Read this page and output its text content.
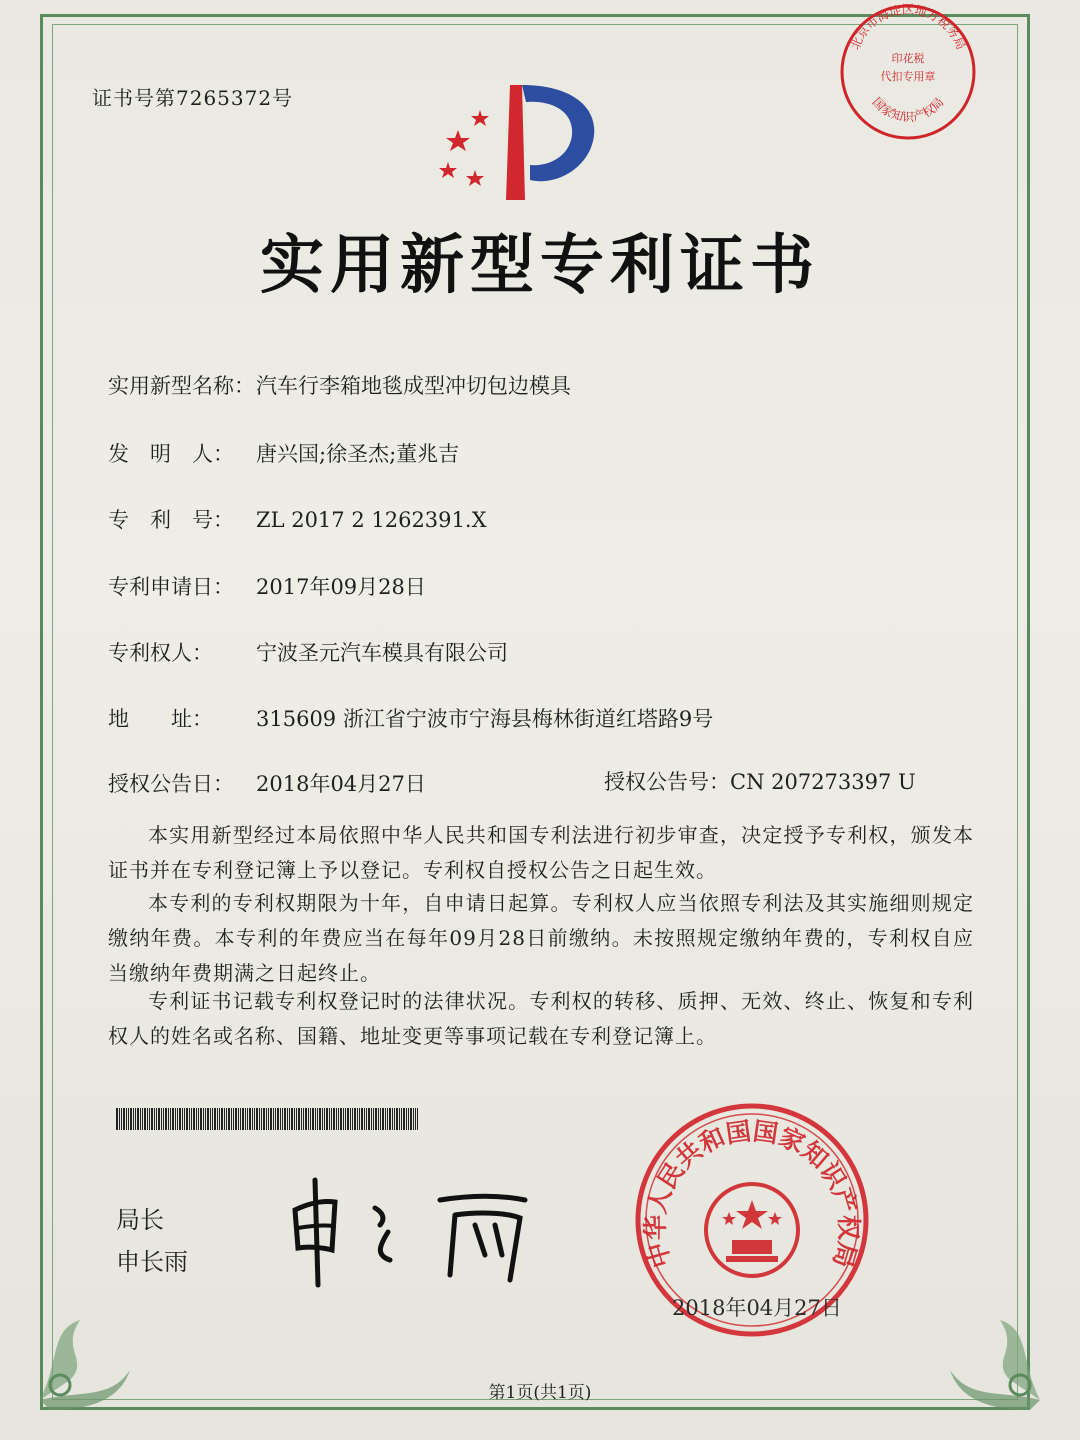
北京市海淀区地方税务局
印花税
代扣专用章
国家知识产权局
证书号第7265372号
实用新型专利证书
实用新型名称：汽车行李箱地毯成型冲切包边模具
发　明　人： 唐兴国;徐圣杰;董兆吉
专　利　号： ZL 2017 2 1262391.X
专利申请日： 2017年09月28日
专利权人： 宁波圣元汽车模具有限公司
地　　址： 315609 浙江省宁波市宁海县梅林街道红塔路9号
授权公告日： 2018年04月27日	授权公告号：CN 207273397 U
本实用新型经过本局依照中华人民共和国专利法进行初步审查，决定授予专利权，颁发本证书并在专利登记簿上予以登记。专利权自授权公告之日起生效。
本专利的专利权期限为十年，自申请日起算。专利权人应当依照专利法及其实施细则规定缴纳年费。本专利的年费应当在每年09月28日前缴纳。未按照规定缴纳年费的，专利权自应当缴纳年费期满之日起终止。
专利证书记载专利权登记时的法律状况。专利权的转移、质押、无效、终止、恢复和专利权人的姓名或名称、国籍、地址变更等事项记载在专利登记簿上。
局长
申长雨	中华人民共和国国家知识产权局
2018年04月27日
第1页(共1页)
